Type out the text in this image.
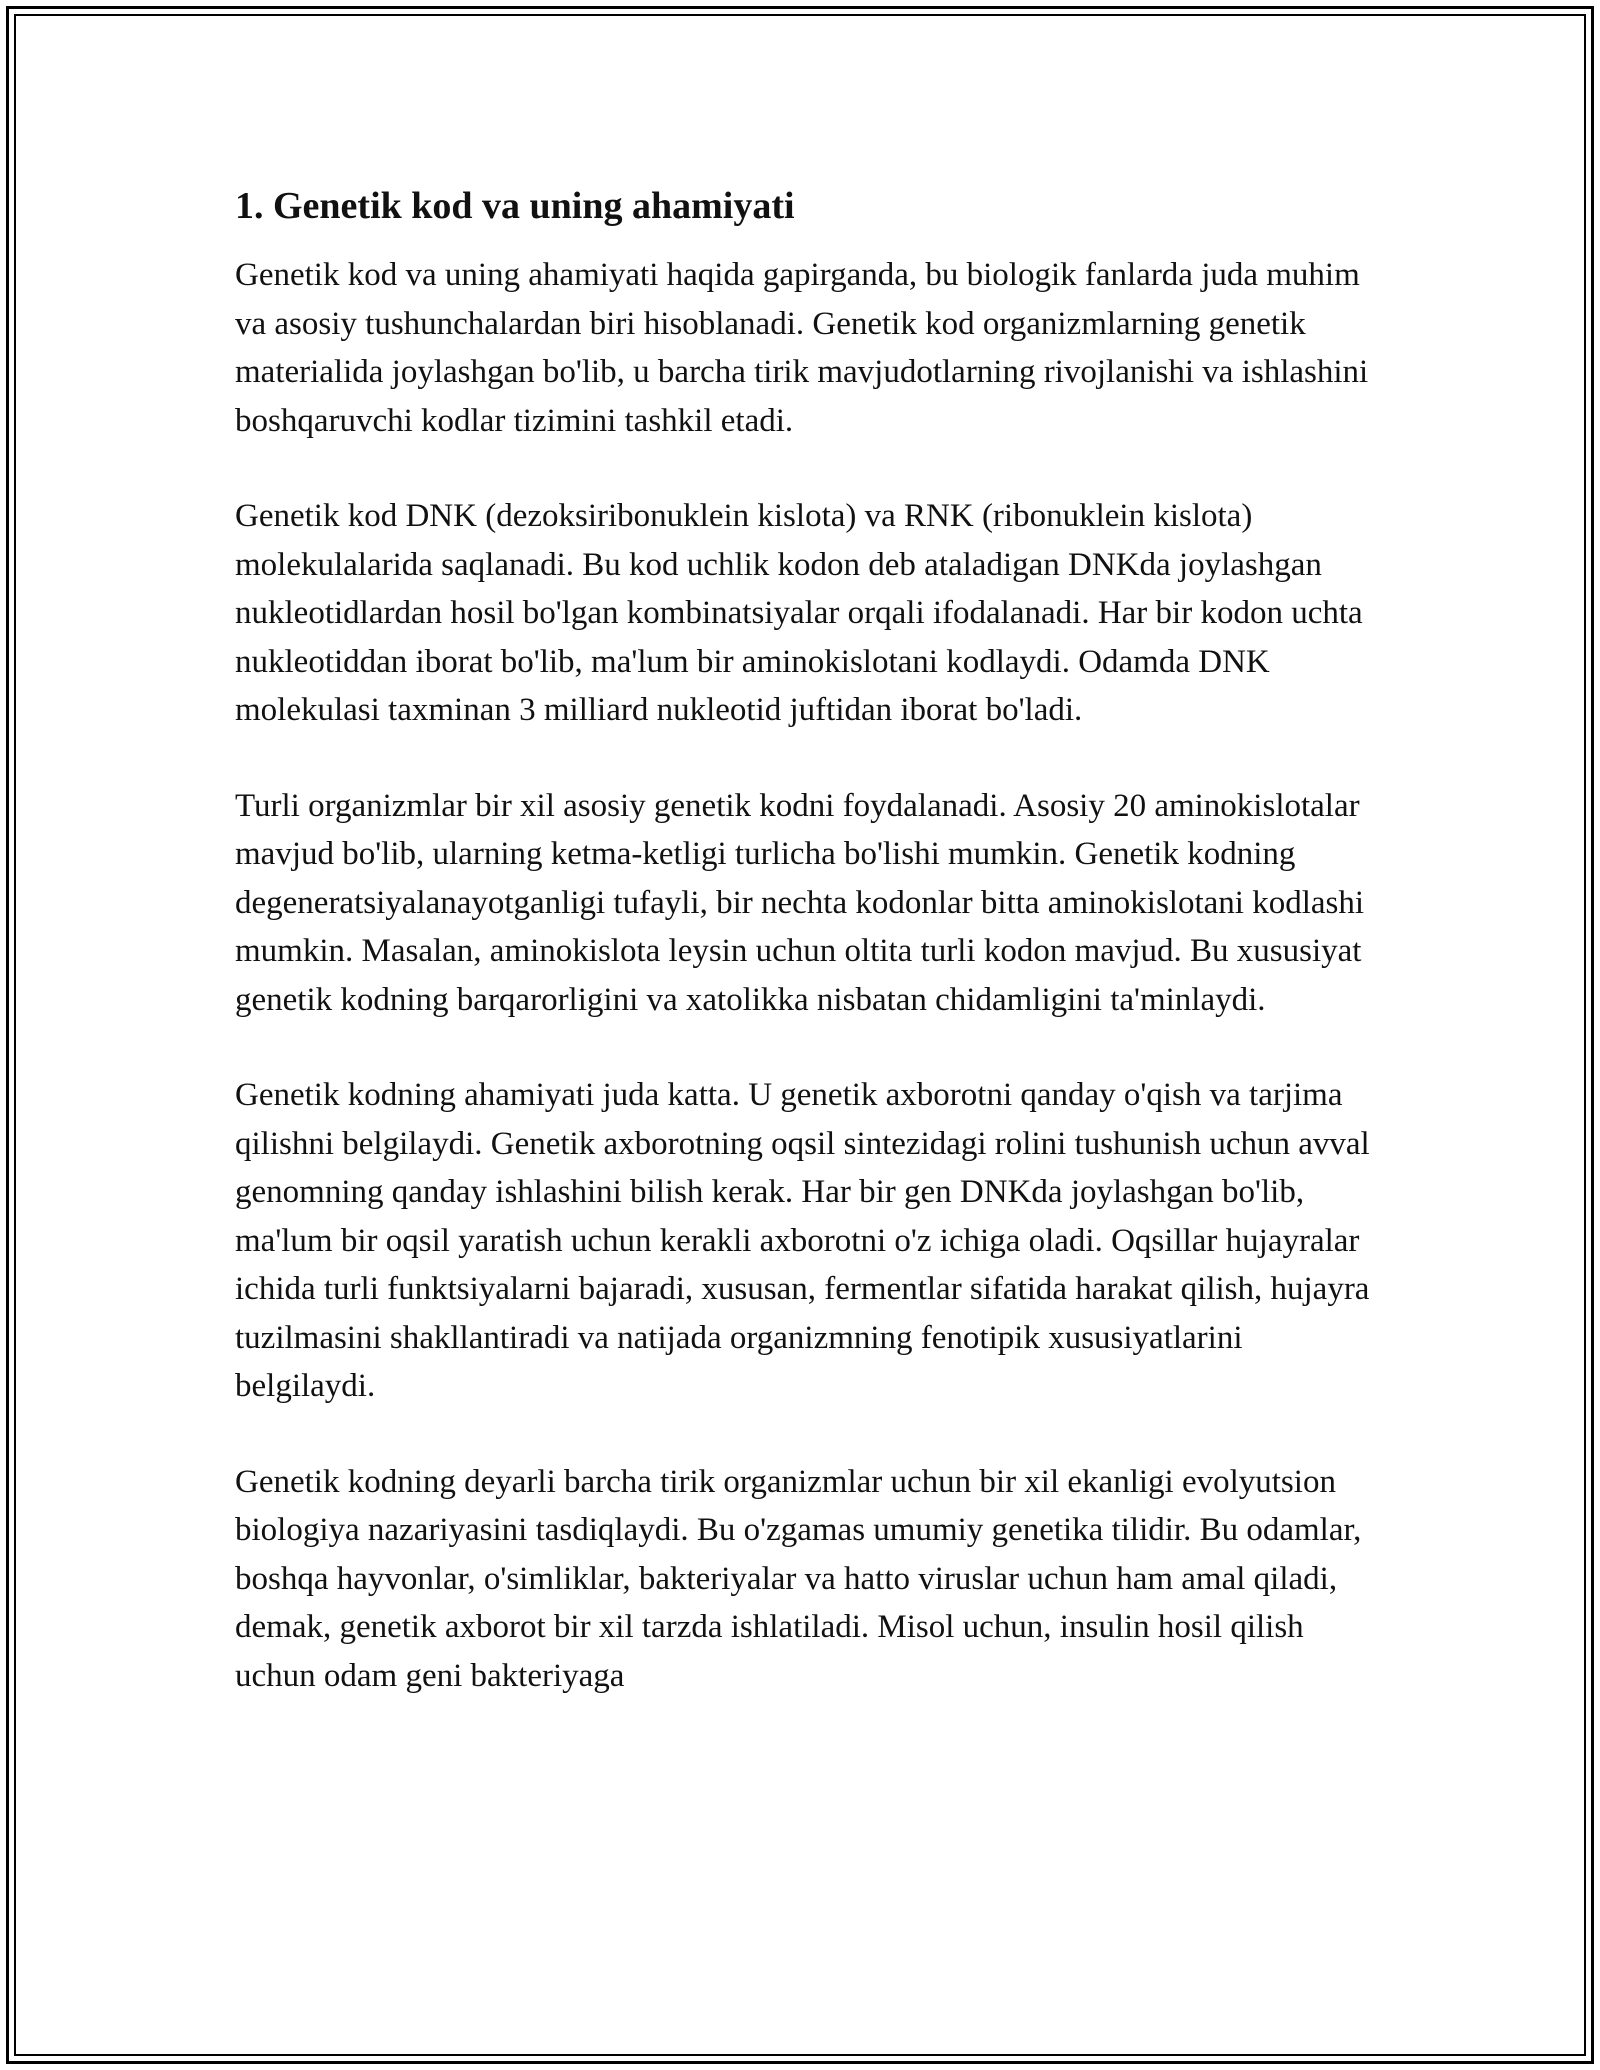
1. Genetik kod va uning ahamiyati

Genetik kod va uning ahamiyati haqida gapirganda, bu biologik fanlarda juda muhim va asosiy tushunchalardan biri hisoblanadi. Genetik kod organizmlarning genetik materialida joylashgan bo'lib, u barcha tirik mavjudotlarning rivojlanishi va ishlashini boshqaruvchi kodlar tizimini tashkil etadi.

Genetik kod DNK (dezoksiribonuklein kislota) va RNK (ribonuklein kislota) molekulalarida saqlanadi. Bu kod uchlik kodon deb ataladigan DNKda joylashgan nukleotidlardan hosil bo'lgan kombinatsiyalar orqali ifodalanadi. Har bir kodon uchta nukleotiddan iborat bo'lib, ma'lum bir aminokislotani kodlaydi. Odamda DNK molekulasi taxminan 3 milliard nukleotid juftidan iborat bo'ladi.

Turli organizmlar bir xil asosiy genetik kodni foydalanadi. Asosiy 20 aminokislotalar mavjud bo'lib, ularning ketma-ketligi turlicha bo'lishi mumkin. Genetik kodning degeneratsiyalanayotganligi tufayli, bir nechta kodonlar bitta aminokislotani kodlashi mumkin. Masalan, aminokislota leysin uchun oltita turli kodon mavjud. Bu xususiyat genetik kodning barqarorligini va xatolikka nisbatan chidamligini ta'minlaydi.

Genetik kodning ahamiyati juda katta. U genetik axborotni qanday o'qish va tarjima qilishni belgilaydi. Genetik axborotning oqsil sintezidagi rolini tushunish uchun avval genomning qanday ishlashini bilish kerak. Har bir gen DNKda joylashgan bo'lib, ma'lum bir oqsil yaratish uchun kerakli axborotni o'z ichiga oladi. Oqsillar hujayralar ichida turli funktsiyalarni bajaradi, xususan, fermentlar sifatida harakat qilish, hujayra tuzilmasini shakllantiradi va natijada organizmning fenotipik xususiyatlarini belgilaydi.

Genetik kodning deyarli barcha tirik organizmlar uchun bir xil ekanligi evolyutsion biologiya nazariyasini tasdiqlaydi. Bu o'zgamas umumiy genetika tilidir. Bu odamlar, boshqa hayvonlar, o'simliklar, bakteriyalar va hatto viruslar uchun ham amal qiladi, demak, genetik axborot bir xil tarzda ishlatiladi. Misol uchun, insulin hosil qilish uchun odam geni bakteriyaga
